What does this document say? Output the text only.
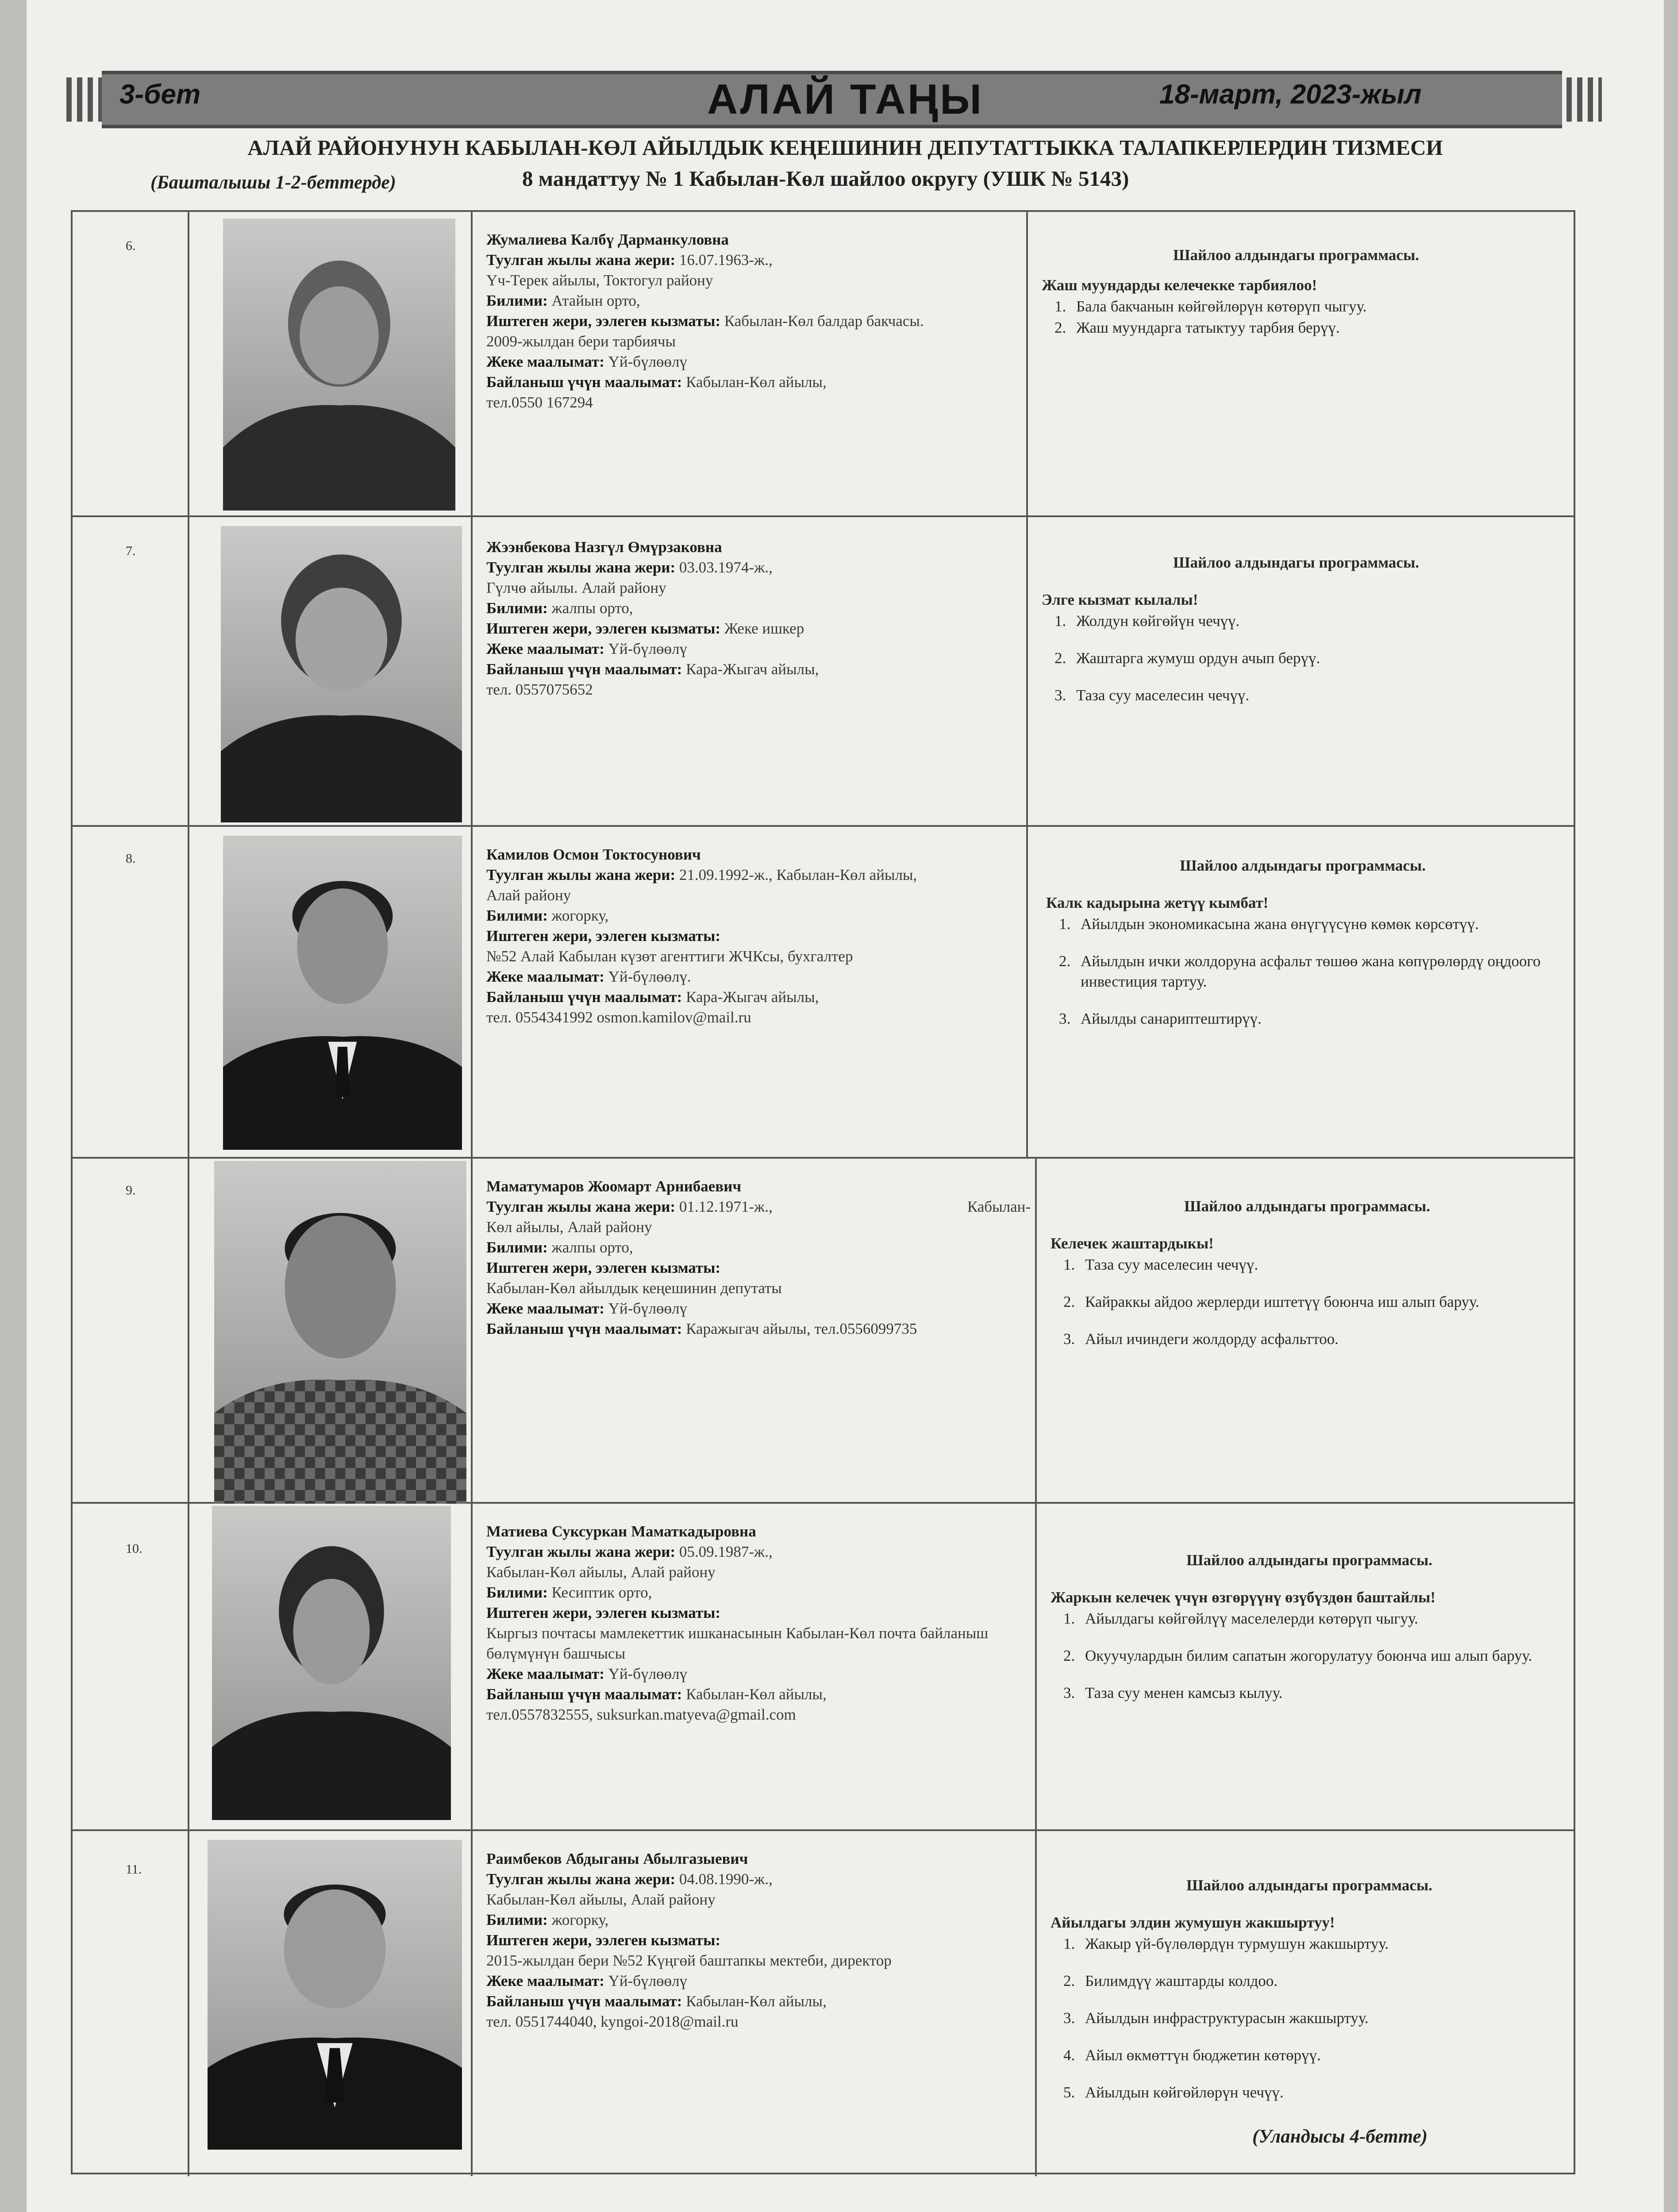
3-бет	АЛАЙ ТАҢЫ	18-март, 2023-жыл
АЛАЙ РАЙОНУНУН КАБЫЛАН-КӨЛ АЙЫЛДЫК КЕҢЕШИНИН ДЕПУТАТТЫККА ТАЛАПКЕРЛЕРДИН ТИЗМЕСИ
(Башталышы 1-2-беттерде)	8 мандаттуу № 1 Кабылан-Көл шайлоо округу (УШК № 5143)
6.	Жумалиева Калбү Дарманкуловна
Туулган жылы жана жери: 16.07.1963-ж.,
Үч-Терек айылы, Токтогул району
Билими: Атайын орто,
Иштеген жери, ээлеген кызматы: Кабылан-Көл балдар бакчасы.
2009-жылдан бери тарбиячы
Жеке маалымат: Үй-бүлөөлү
Байланыш үчүн маалымат: Кабылан-Көл айылы,
тел.0550 167294
Шайлоо алдындагы программасы.
Жаш муундарды келечекке тарбиялоо!
1. Бала бакчанын көйгөйлөрүн көтөрүп чыгуу.
2. Жаш муундарга татыктуу тарбия берүү.
7.	Жээнбекова Назгүл Өмүрзаковна
Туулган жылы жана жери: 03.03.1974-ж.,
Гүлчө айылы. Алай району
Билими: жалпы орто,
Иштеген жери, ээлеген кызматы: Жеке ишкер
Жеке маалымат: Үй-бүлөөлү
Байланыш үчүн маалымат: Кара-Жыгач айылы,
тел. 0557075652
Шайлоо алдындагы программасы.
Элге кызмат кылалы!
1. Жолдун көйгөйүн чечүү.
2. Жаштарга жумуш ордун ачып берүү.
3. Таза суу маселесин чечүү.
8.	Камилов Осмон Токтосунович
Туулган жылы жана жери: 21.09.1992-ж., Кабылан-Көл айылы,
Алай району
Билими: жогорку,
Иштеген жери, ээлеген кызматы:
№52 Алай Кабылан күзөт агенттиги ЖЧКсы, бухгалтер
Жеке маалымат: Үй-бүлөөлү.
Байланыш үчүн маалымат: Кара-Жыгач айылы,
тел. 0554341992 osmon.kamilov@mail.ru
Шайлоо алдындагы программасы.
Калк кадырына жетүү кымбат!
1. Айылдын экономикасына жана өнүгүүсүнө көмөк көрсөтүү.
2. Айылдын ички жолдоруна асфальт төшөө жана көпүрөлөрдү оңдоого инвестиция тартуу.
3. Айылды санариптештирүү.
9.	Маматумаров Жоомарт Арнибаевич
Туулган жылы жана жери: 01.12.1971-ж.,	Кабылан-
Көл айылы, Алай району
Билими: жалпы орто,
Иштеген жери, ээлеген кызматы:
Кабылан-Көл айылдык кеңешинин депутаты
Жеке маалымат: Үй-бүлөөлү
Байланыш үчүн маалымат: Каражыгач айылы, тел.0556099735
Шайлоо алдындагы программасы.
Келечек жаштардыкы!
1. Таза суу маселесин чечүү.
2. Кайраккы айдоо жерлерди иштетүү боюнча иш алып баруу.
3. Айыл ичиндеги жолдорду асфальттоо.
10.
Матиева Суксуркан Маматкадыровна
Туулган жылы жана жери: 05.09.1987-ж.,
Кабылан-Көл айылы, Алай району
Билими: Кесиптик орто,
Иштеген жери, ээлеген кызматы:
Кыргыз почтасы мамлекеттик ишканасынын Кабылан-Көл почта байланыш бөлүмүнүн башчысы
Жеке маалымат: Үй-бүлөөлү
Байланыш үчүн маалымат: Кабылан-Көл айылы,
тел.0557832555, suksurkan.matyeva@gmail.com
Шайлоо алдындагы программасы.
Жаркын келечек үчүн өзгөрүүнү өзүбүздөн баштайлы!
1. Айылдагы көйгөйлүү маселелерди көтөрүп чыгуу.
2. Окуучулардын билим сапатын жогорулатуу боюнча иш алып баруу.
3. Таза суу менен камсыз кылуу.
11.
Раимбеков Абдыганы Абылгазыевич
Туулган жылы жана жери: 04.08.1990-ж.,
Кабылан-Көл айылы, Алай району
Билими: жогорку,
Иштеген жери, ээлеген кызматы:
2015-жылдан бери №52 Күңгөй баштапкы мектеби, директор
Жеке маалымат: Үй-бүлөөлү
Байланыш үчүн маалымат: Кабылан-Көл айылы,
тел. 0551744040, kyngoi-2018@mail.ru
Шайлоо алдындагы программасы.
Айылдагы элдин жумушун жакшыртуу!
1. Жакыр үй-бүлөлөрдүн турмушун жакшыртуу.
2. Билимдүү жаштарды колдоо.
3. Айылдын инфраструктурасын жакшыртуу.
4. Айыл өкмөттүн бюджетин көтөрүү.
5. Айылдын көйгөйлөрүн чечүү.
(Уландысы 4-бетте)
